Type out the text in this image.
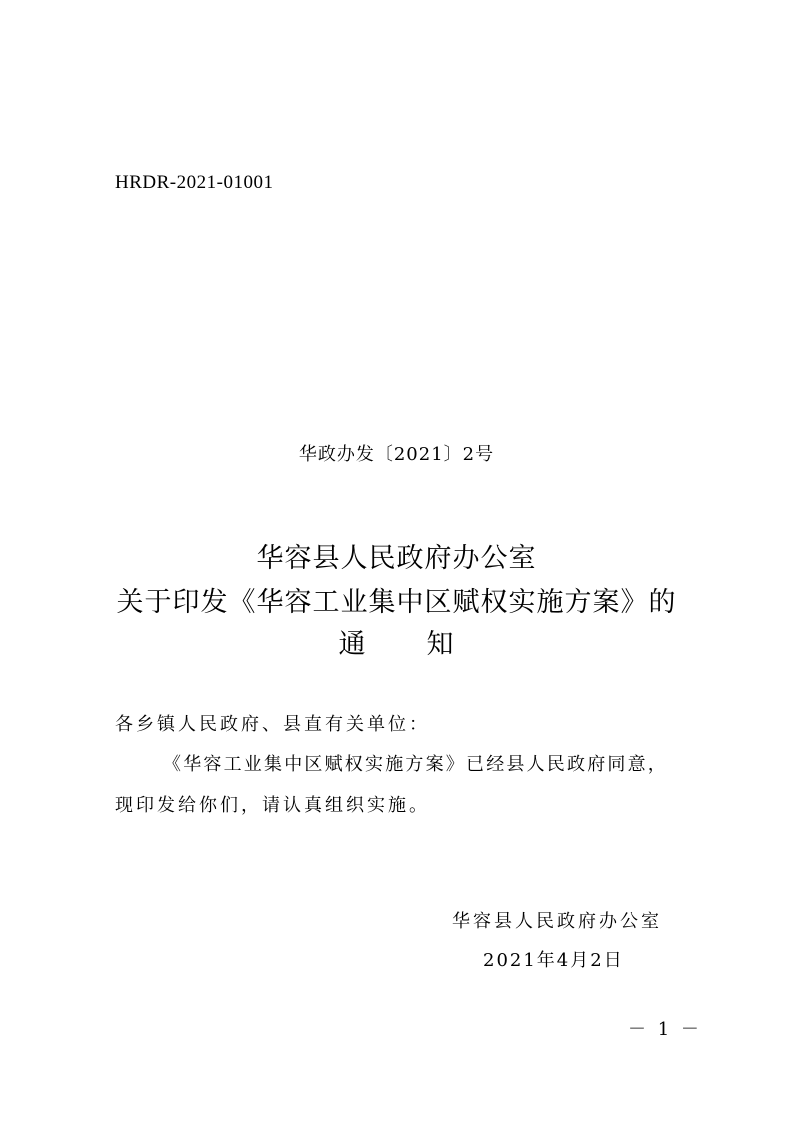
HRDR-2021-01001
华政办发〔2021〕2号
华容县人民政府办公室
关于印发《华容工业集中区赋权实施方案》的
通 知
各乡镇人民政府、县直有关单位：
《华容工业集中区赋权实施方案》已经县人民政府同意，
现印发给你们，请认真组织实施。
华容县人民政府办公室
2021年4月2日
－ 1 －
